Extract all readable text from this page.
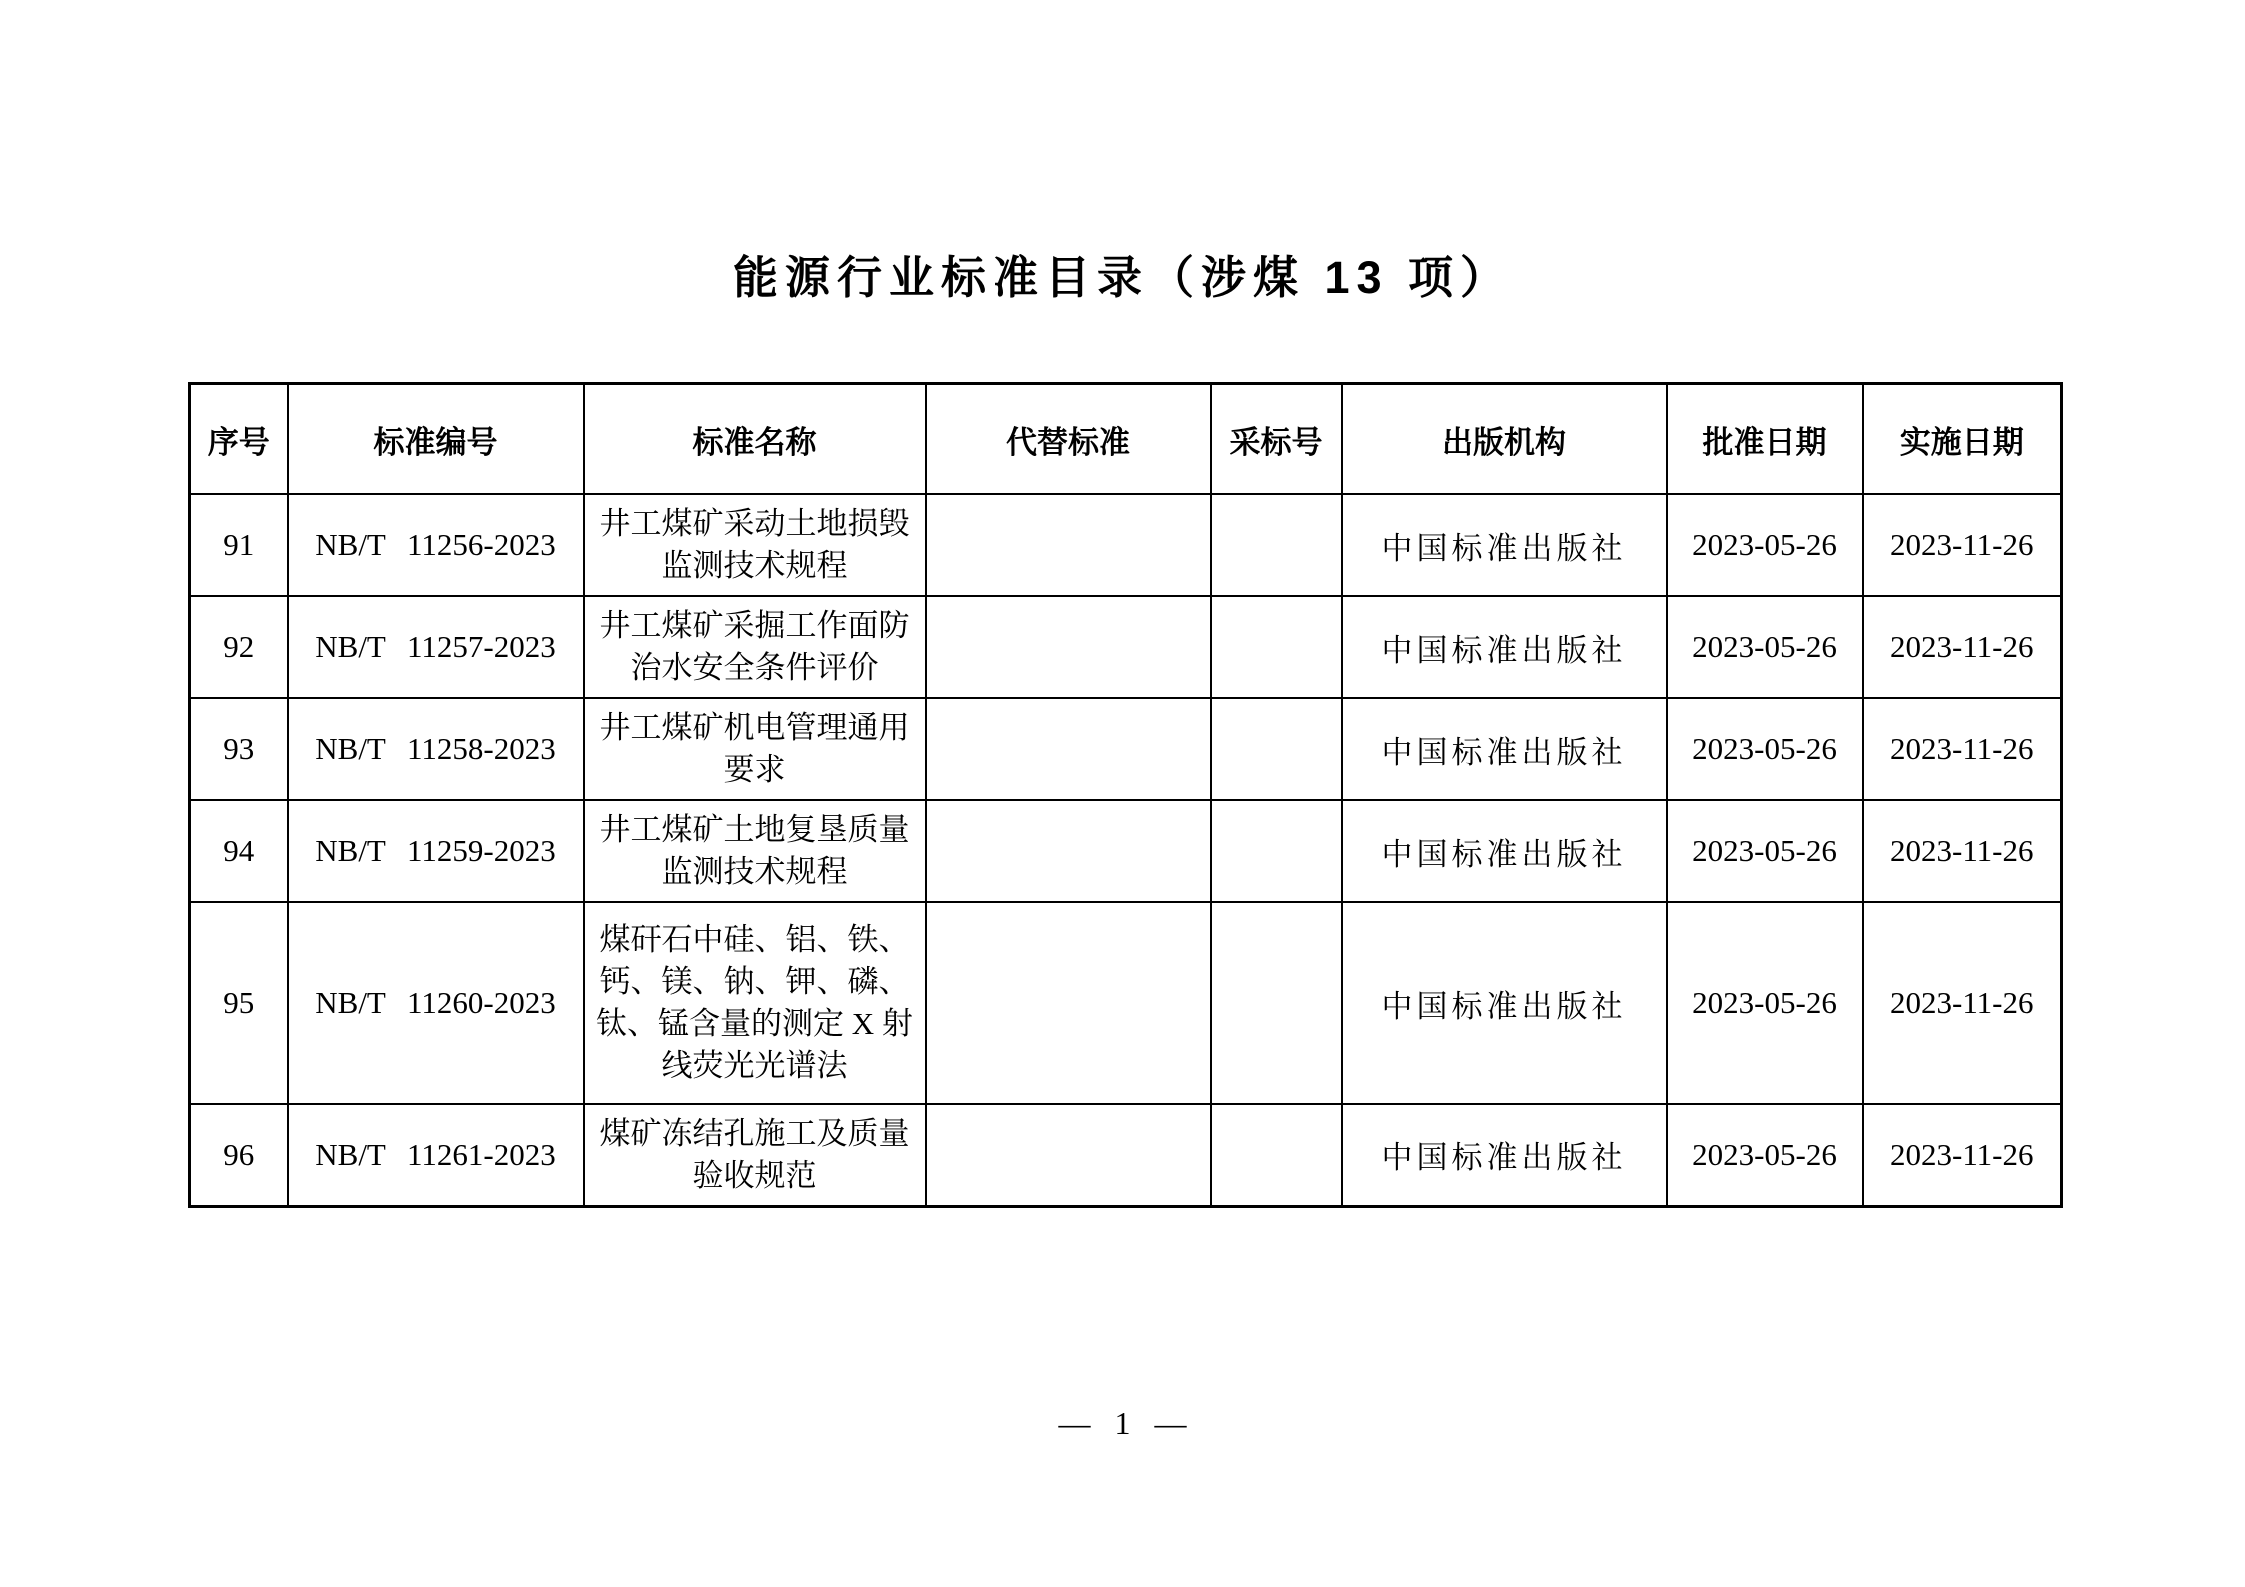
能源行业标准目录（涉煤 13 项）
序号	标准编号	标准名称	代替标准	采标号	出版机构	批准日期	实施日期
91	NB/T 11256-2023	井工煤矿采动土地损毁监测技术规程			中国标准出版社	2023-05-26	2023-11-26
92	NB/T 11257-2023	井工煤矿采掘工作面防治水安全条件评价			中国标准出版社	2023-05-26	2023-11-26
93	NB/T 11258-2023	井工煤矿机电管理通用要求			中国标准出版社	2023-05-26	2023-11-26
94	NB/T 11259-2023	井工煤矿土地复垦质量监测技术规程			中国标准出版社	2023-05-26	2023-11-26
95	NB/T 11260-2023	煤矸石中硅、铝、铁、钙、镁、钠、钾、磷、钛、锰含量的测定 X 射线荧光光谱法			中国标准出版社	2023-05-26	2023-11-26
96	NB/T 11261-2023	煤矿冻结孔施工及质量验收规范			中国标准出版社	2023-05-26	2023-11-26
— 1 —
